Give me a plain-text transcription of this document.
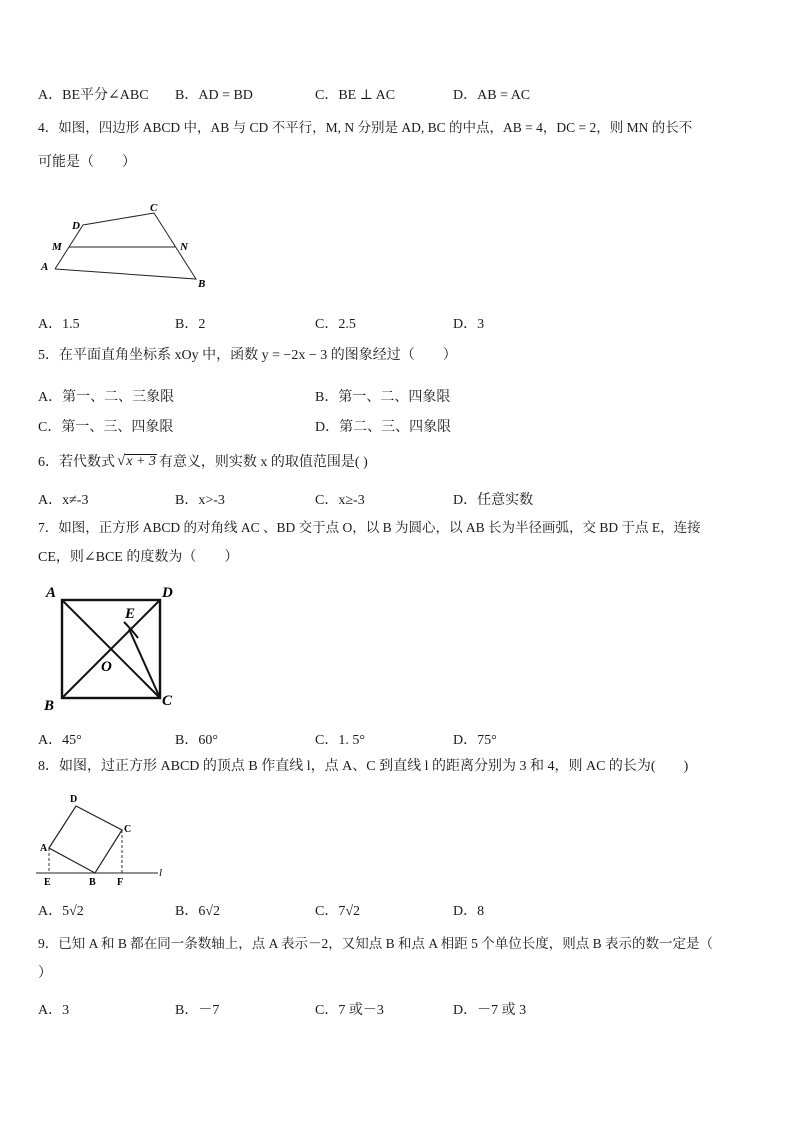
A．BE平分∠ABC	B．AD = BD	C．BE ⊥ AC	D．AB = AC
4．如图，四边形 ABCD 中，AB 与 CD 不平行，M, N 分别是 AD, BC 的中点，AB = 4，DC = 2，则 MN 的长不
可能是（　　）
D
C
M	N
A
B
A．1.5	B．2	C．2.5	D．3
5．在平面直角坐标系 xOy 中，函数 y = −2x − 3 的图象经过（　　）
A．第一、二、三象限	B．第一、二、四象限
C．第一、三、四象限	D．第二、三、四象限
6．若代数式 √ x + 3 有意义，则实数 x 的取值范围是( )
A．x≠-3	B．x>-3	C．x≥-3	D．任意实数
7．如图，正方形 ABCD 的对角线 AC 、BD 交于点 O，以 B 为圆心，以 AB 长为半径画弧，交 BD 于点 E，连接
CE，则∠BCE 的度数为（　　）
A	D
E
O
B	C
A．45°	B．60°	C．1. 5°	D．75°
8．如图，过正方形 ABCD 的顶点 B 作直线 l，点 A、C 到直线 l 的距离分别为 3 和 4，则 AC 的长为(　　)
D
C
A
E	B F
l
A．5√2	B．6√2	C．7√2	D．8
9．已知 A 和 B 都在同一条数轴上，点 A 表示－2，又知点 B 和点 A 相距 5 个单位长度，则点 B 表示的数一定是（
）
A．3	B．－7	C．7 或－3	D．－7 或 3
